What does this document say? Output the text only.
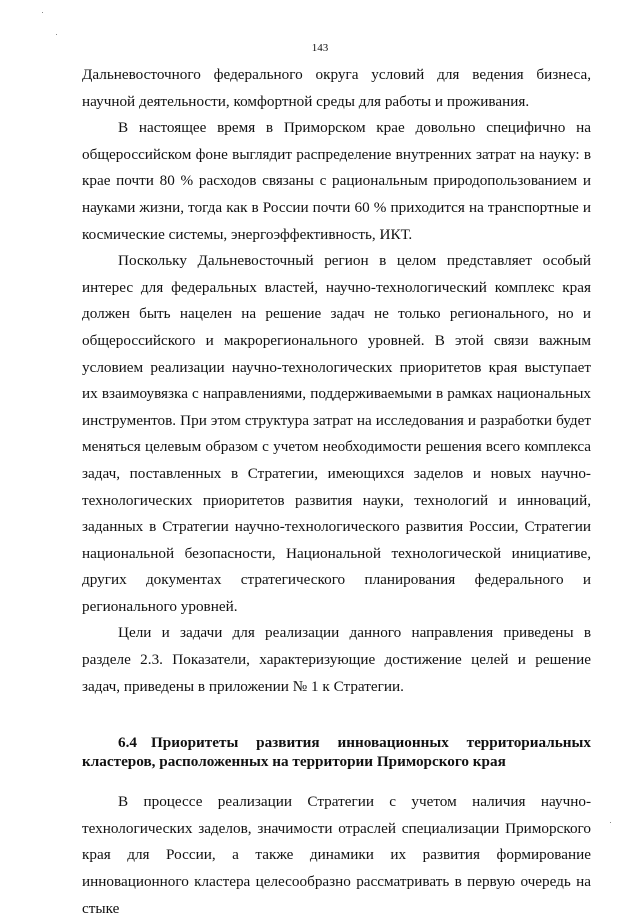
143

Дальневосточного федерального округа условий для ведения бизнеса, научной деятельности, комфортной среды для работы и проживания.

В настоящее время в Приморском крае довольно специфично на общероссийском фоне выглядит распределение внутренних затрат на науку: в крае почти 80 % расходов связаны с рациональным природопользованием и науками жизни, тогда как в России почти 60 % приходится на транспортные и космические системы, энергоэффективность, ИКТ.

Поскольку Дальневосточный регион в целом представляет особый интерес для федеральных властей, научно-технологический комплекс края должен быть нацелен на решение задач не только регионального, но и общероссийского и макрорегионального уровней. В этой связи важным условием реализации научно-технологических приоритетов края выступает их взаимоувязка с направлениями, поддерживаемыми в рамках национальных инструментов. При этом структура затрат на исследования и разработки будет меняться целевым образом с учетом необходимости решения всего комплекса задач, поставленных в Стратегии, имеющихся заделов и новых научно-технологических приоритетов развития науки, технологий и инноваций, заданных в Стратегии научно-технологического развития России, Стратегии национальной безопасности, Национальной технологической инициативе, других документах стратегического планирования федерального и регионального уровней.

Цели и задачи для реализации данного направления приведены в разделе 2.3. Показатели, характеризующие достижение целей и решение задач, приведены в приложении № 1 к Стратегии.

6.4 Приоритеты развития инновационных территориальных кластеров, расположенных на территории Приморского края

В процессе реализации Стратегии с учетом наличия научно-технологических заделов, значимости отраслей специализации Приморского края для России, а также динамики их развития формирование инновационного кластера целесообразно рассматривать в первую очередь на стыке
